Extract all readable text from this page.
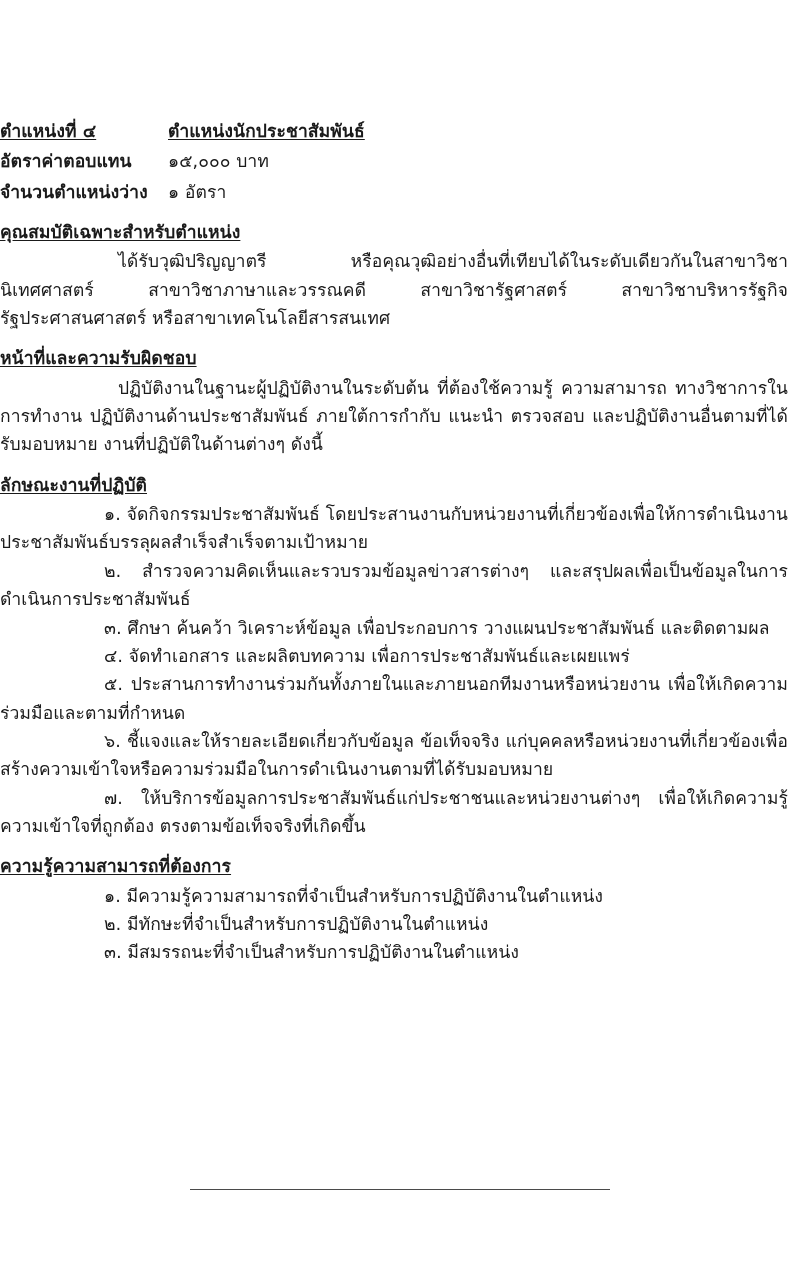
ตำแหน่งที่ ๔	ตำแหน่งนักประชาสัมพันธ์
อัตราค่าตอบแทน	๑๕,๐๐๐ บาท
จำนวนตำแหน่งว่าง	๑ อัตรา
คุณสมบัติเฉพาะสำหรับตำแหน่ง

ได้รับวุฒิปริญญาตรี หรือคุณวุฒิอย่างอื่นที่เทียบได้ในระดับเดียวกันในสาขาวิชานิเทศศาสตร์ สาขาวิชาภาษาและวรรณคดี สาขาวิชารัฐศาสตร์ สาขาวิชาบริหารรัฐกิจ รัฐประศาสนศาสตร์ หรือสาขาเทคโนโลยีสารสนเทศ

หน้าที่และความรับผิดชอบ

ปฏิบัติงานในฐานะผู้ปฏิบัติงานในระดับต้น ที่ต้องใช้ความรู้ ความสามารถ ทางวิชาการในการทำงาน ปฏิบัติงานด้านประชาสัมพันธ์ ภายใต้การกำกับ แนะนำ ตรวจสอบ และปฏิบัติงานอื่นตามที่ได้รับมอบหมาย งานที่ปฏิบัติในด้านต่างๆ ดังนี้

ลักษณะงานที่ปฏิบัติ

๑. จัดกิจกรรมประชาสัมพันธ์ โดยประสานงานกับหน่วยงานที่เกี่ยวข้องเพื่อให้การดำเนินงานประชาสัมพันธ์บรรลุผลสำเร็จสำเร็จตามเป้าหมาย

๒. สำรวจความคิดเห็นและรวบรวมข้อมูลข่าวสารต่างๆ และสรุปผลเพื่อเป็นข้อมูลในการดำเนินการประชาสัมพันธ์

๓. ศึกษา ค้นคว้า วิเคราะห์ข้อมูล เพื่อประกอบการ วางแผนประชาสัมพันธ์ และติดตามผล

๔. จัดทำเอกสาร และผลิตบทความ เพื่อการประชาสัมพันธ์และเผยแพร่

๕. ประสานการทำงานร่วมกันทั้งภายในและภายนอกทีมงานหรือหน่วยงาน เพื่อให้เกิดความร่วมมือและตามที่กำหนด

๖. ชี้แจงและให้รายละเอียดเกี่ยวกับข้อมูล ข้อเท็จจริง แก่บุคคลหรือหน่วยงานที่เกี่ยวข้องเพื่อสร้างความเข้าใจหรือความร่วมมือในการดำเนินงานตามที่ได้รับมอบหมาย

๗. ให้บริการข้อมูลการประชาสัมพันธ์แก่ประชาชนและหน่วยงานต่างๆ เพื่อให้เกิดความรู้ความเข้าใจที่ถูกต้อง ตรงตามข้อเท็จจริงที่เกิดขึ้น

ความรู้ความสามารถที่ต้องการ

๑. มีความรู้ความสามารถที่จำเป็นสำหรับการปฏิบัติงานในตำแหน่ง

๒. มีทักษะที่จำเป็นสำหรับการปฏิบัติงานในตำแหน่ง

๓. มีสมรรถนะที่จำเป็นสำหรับการปฏิบัติงานในตำแหน่ง
